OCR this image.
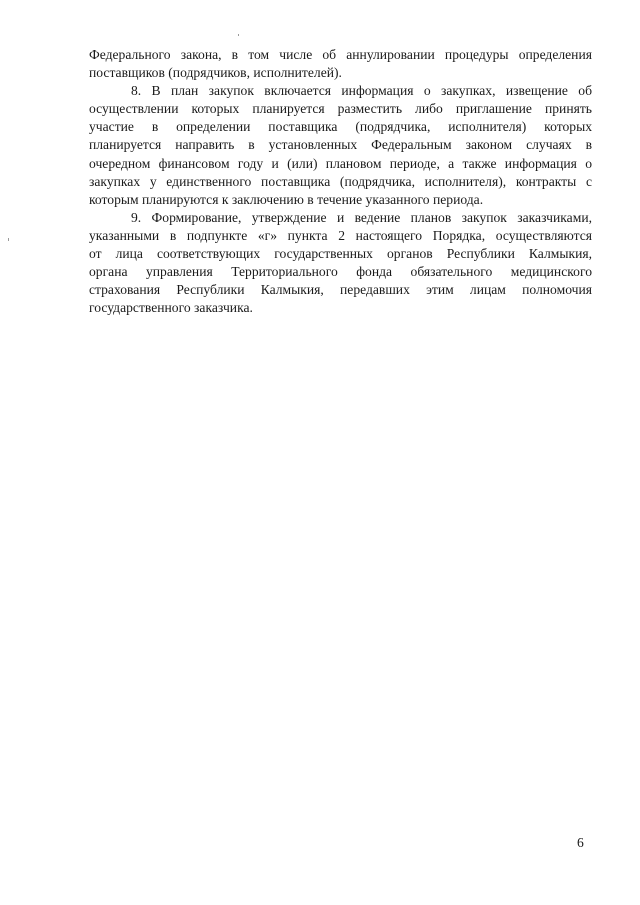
Федерального закона, в том числе об аннулировании процедуры определения
поставщиков (подрядчиков, исполнителей).
8. В план закупок включается информация о закупках, извещение об
осуществлении которых планируется разместить либо приглашение принять
участие в определении поставщика (подрядчика, исполнителя) которых
планируется направить в установленных Федеральным законом случаях в
очередном финансовом году и (или) плановом периоде, а также информация о
закупках у единственного поставщика (подрядчика, исполнителя), контракты с
которым планируются к заключению в течение указанного периода.
9. Формирование, утверждение и ведение планов закупок заказчиками,
указанными в подпункте «г» пункта 2 настоящего Порядка, осуществляются
от лица соответствующих государственных органов Республики Калмыкия,
органа управления Территориального фонда обязательного медицинского
страхования Республики Калмыкия, передавших этим лицам полномочия
государственного заказчика.
6
